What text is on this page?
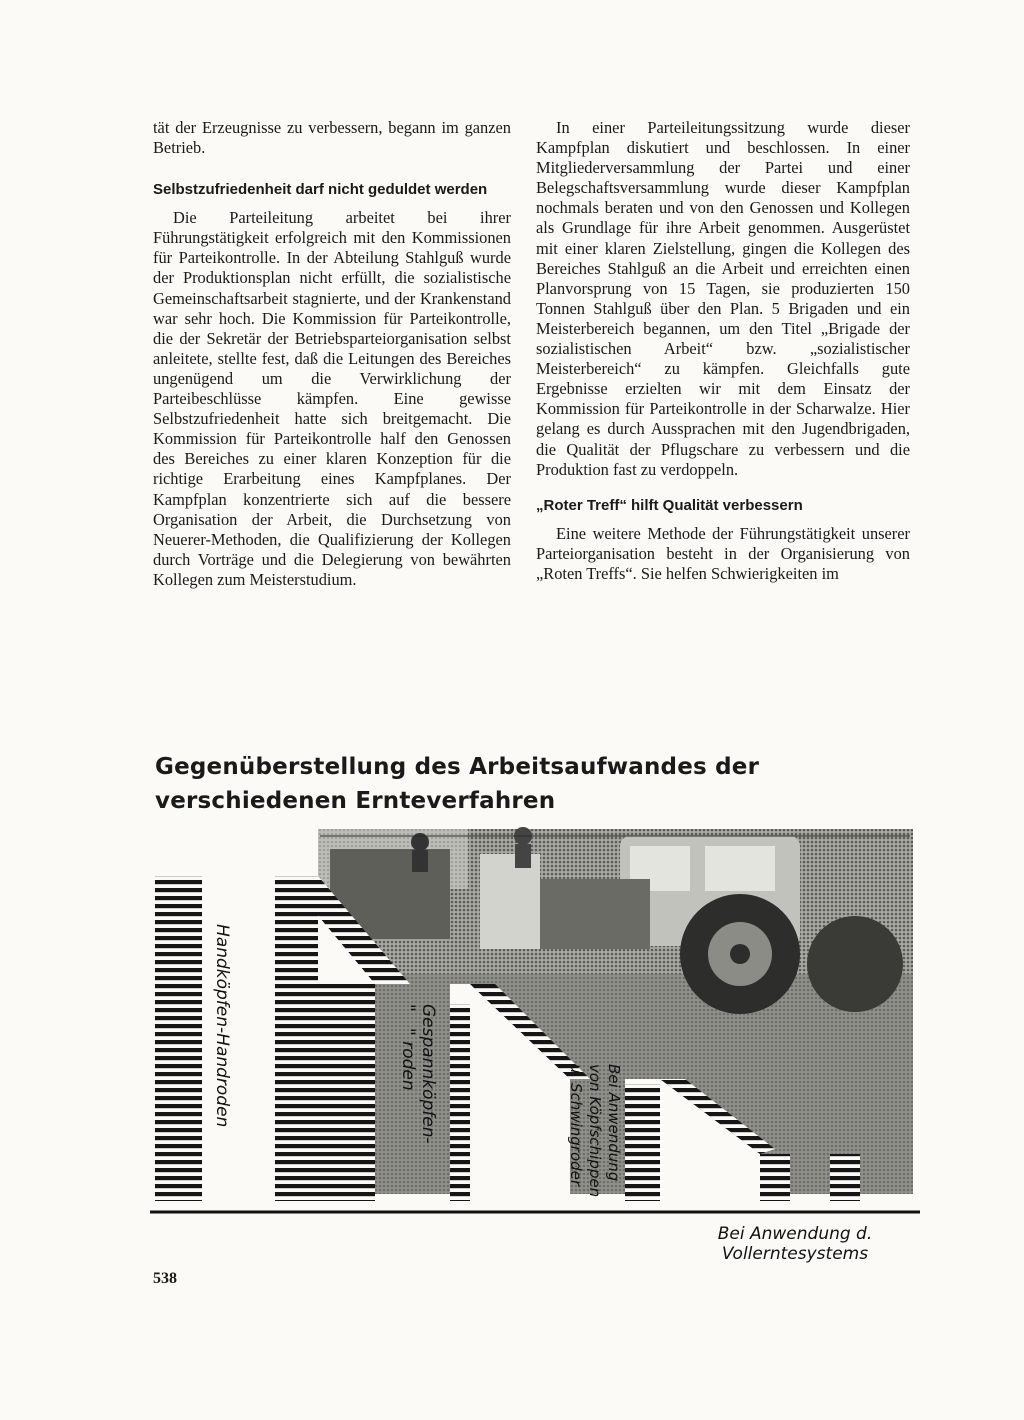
tät der Erzeugnisse zu verbessern, begann im ganzen Betrieb.

Selbstzufriedenheit darf nicht geduldet werden

Die Parteileitung arbeitet bei ihrer Führungstätigkeit erfolgreich mit den Kommissionen für Parteikontrolle. In der Abteilung Stahlguß wurde der Produktionsplan nicht erfüllt, die sozialistische Gemeinschaftsarbeit stagnierte, und der Krankenstand war sehr hoch. Die Kommission für Parteikontrolle, die der Sekretär der Betriebsparteiorganisation selbst anleitete, stellte fest, daß die Leitungen des Bereiches ungenügend um die Verwirklichung der Parteibeschlüsse kämpfen. Eine gewisse Selbstzufriedenheit hatte sich breitgemacht. Die Kommission für Parteikontrolle half den Genossen des Bereiches zu einer klaren Konzeption für die richtige Erarbeitung eines Kampfplanes. Der Kampfplan konzentrierte sich auf die bessere Organisation der Arbeit, die Durchsetzung von Neuerer-Methoden, die Qualifizierung der Kollegen durch Vorträge und die Delegierung von bewährten Kollegen zum Meisterstudium.

In einer Parteileitungssitzung wurde dieser Kampfplan diskutiert und beschlossen. In einer Mitgliederversammlung der Partei und einer Belegschaftsversammlung wurde dieser Kampfplan nochmals beraten und von den Genossen und Kollegen als Grundlage für ihre Arbeit genommen. Ausgerüstet mit einer klaren Zielstellung, gingen die Kollegen des Bereiches Stahlguß an die Arbeit und erreichten einen Planvorsprung von 15 Tagen, sie produzierten 150 Tonnen Stahlguß über den Plan. 5 Brigaden und ein Meisterbereich begannen, um den Titel „Brigade der sozialistischen Arbeit“ bzw. „sozialistischer Meisterbereich“ zu kämpfen. Gleichfalls gute Ergebnisse erzielten wir mit dem Einsatz der Kommission für Parteikontrolle in der Scharwalze. Hier gelang es durch Aussprachen mit den Jugendbrigaden, die Qualität der Pflugschare zu verbessern und die Produktion fast zu verdoppeln.

„Roter Treff“ hilft Qualität verbessern

Eine weitere Methode der Führungstätigkeit unserer Parteiorganisation besteht in der Organisierung von „Roten Treffs“. Sie helfen Schwierigkeiten im

Gegenüberstellung des Arbeitsaufwandes der verschiedenen Ernteverfahren
Handköpfen-Handroden	Gespannköpfen-
"   " roden	Bei Anwendung
von Köpfschippen
u. Schwingroder
Bei Anwendung d. Vollerntesystems
538
